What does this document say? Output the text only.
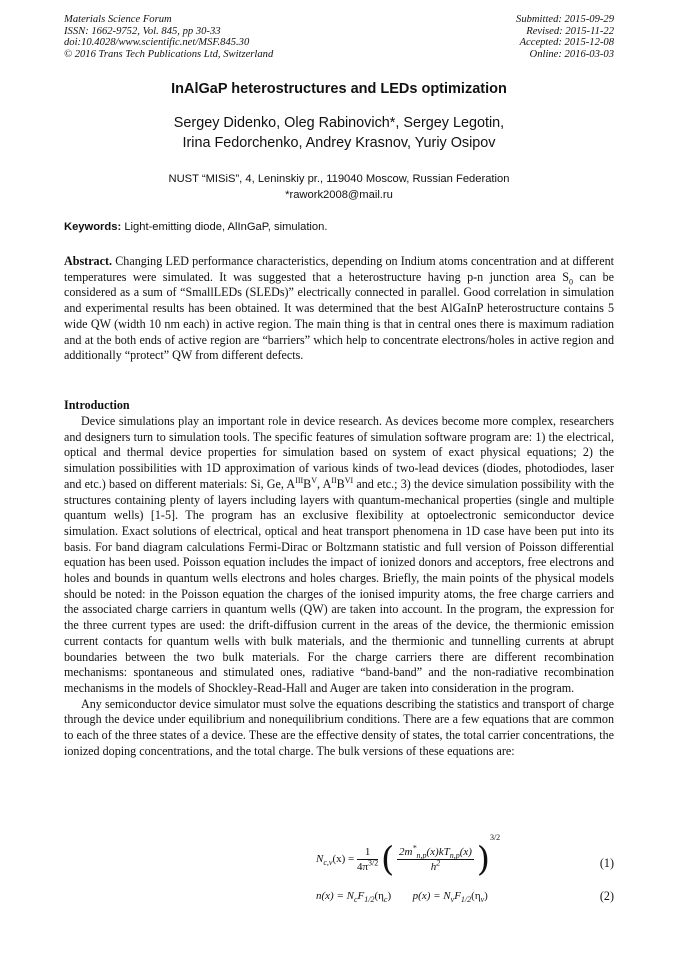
Materials Science Forum
ISSN: 1662-9752, Vol. 845, pp 30-33
doi:10.4028/www.scientific.net/MSF.845.30
© 2016 Trans Tech Publications Ltd, Switzerland
Submitted: 2015-09-29
Revised: 2015-11-22
Accepted: 2015-12-08
Online: 2016-03-03
InAlGaP heterostructures and LEDs optimization
Sergey Didenko, Oleg Rabinovich*, Sergey Legotin,
Irina Fedorchenko, Andrey Krasnov, Yuriy Osipov
NUST “MISiS”, 4, Leninskiy pr., 119040 Moscow, Russian Federation
*rawork2008@mail.ru
Keywords: Light-emitting diode, AlInGaP, simulation.

Abstract. Changing LED performance characteristics, depending on Indium atoms concentration and at different temperatures were simulated. It was suggested that a heterostructure having p-n junction area $S_0$ can be considered as a sum of “SmallLEDs (SLEDs)” electrically connected in parallel. Good correlation in simulation and experimental results has been obtained. It was determined that the best AlGaInP heterostructure contains 5 wide QW (width 10 nm each) in active region. The main thing is that in central ones there is maximum radiation and at the both ends of active region are “barriers” which help to concentrate electrons/holes in active region and additionally “protect” QW from different defects.

Introduction

Device simulations play an important role in device research. As devices become more complex, researchers and designers turn to simulation tools. The specific features of simulation software program are: 1) the electrical, optical and thermal device properties for simulation based on system of exact physical equations; 2) the simulation possibilities with 1D approximation of various kinds of two-lead devices (diodes, photodiodes, laser and etc.) based on different materials: Si, Ge, $A^{III}B^V$, $A^{II}B^{VI}$ and etc.; 3) the device simulation possibility with the structures containing plenty of layers including layers with quantum-mechanical properties (single and multiple quantum wells) [1-5]. The program has an exclusive flexibility at optoelectronic semiconductor device simulation. Exact solutions of electrical, optical and heat transport phenomena in 1D case have been put into its basis. For band diagram calculations Fermi-Dirac or Boltzmann statistic and full version of Poisson differential equation has been used. Poisson equation includes the impact of ionized donors and acceptors, free electrons and holes and bounds in quantum wells electrons and holes charges. Briefly, the main points of the physical models should be noted: in the Poisson equation the charges of the ionised impurity atoms, the free charge carriers and the associated charge carriers in quantum wells (QW) are taken into account. In the program, the expression for the three current types are used: the drift-diffusion current in the areas of the device, the thermionic emission current contacts for quantum wells with bulk materials, and the thermionic and tunnelling currents at abrupt boundaries between the two bulk materials. For the charge carriers there are different recombination mechanisms: spontaneous and stimulated ones, radiative “band-band” and the non-radiative recombination mechanisms in the models of Shockley-Read-Hall and Auger are taken into consideration in the program.

Any semiconductor device simulator must solve the equations describing the statistics and transport of charge through the device under equilibrium and nonequilibrium conditions. There are a few equations that are common to each of the three states of a device. These are the effective density of states, the total carrier concentrations, the ionized doping concentrations, and the total charge. The bulk versions of these equations are:

$N_{c,v}(x) = \frac{1}{4\pi^{3/2}}$ ( $\frac{2m^*_{n,p}(x)kT_{n,p}(x)}{h^2} )^{3/2}$
(1)
$n(x) = N_cF_{1/2}(\eta_c) p(x) = N_vF_{1/2}(\eta_v)$	(2)
